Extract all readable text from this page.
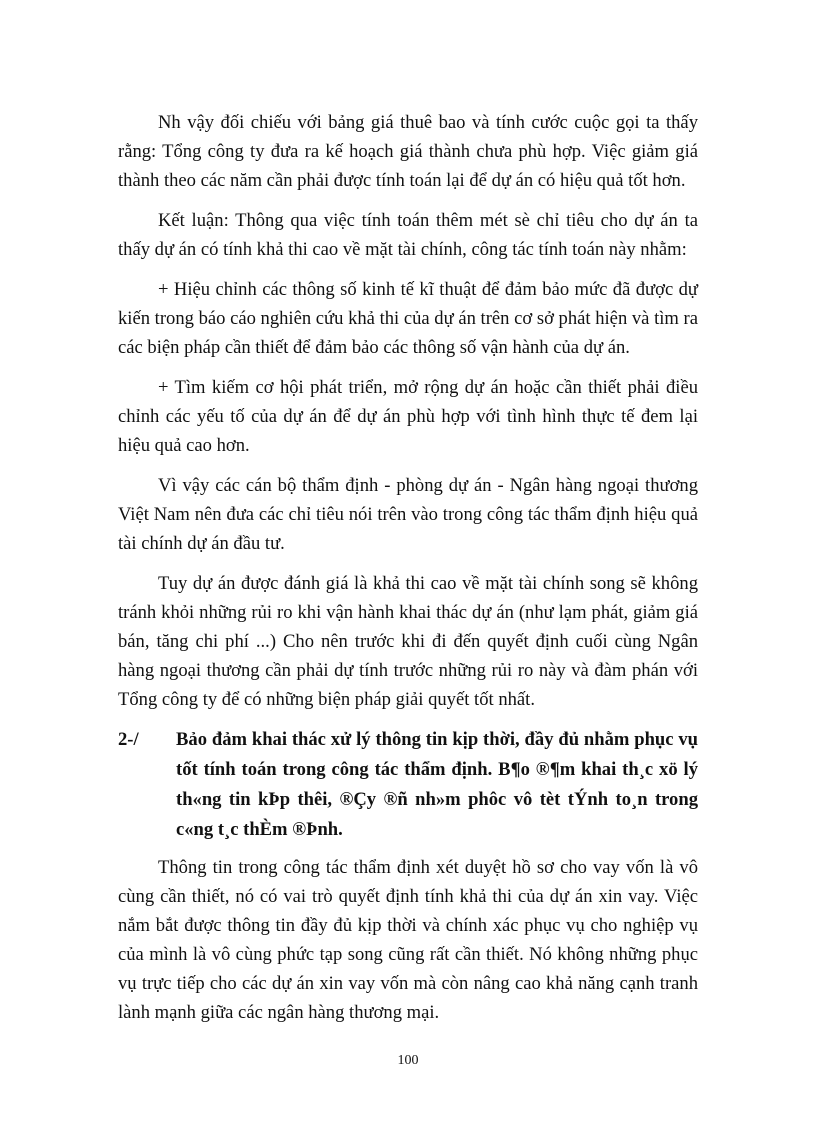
Nh vậy đối chiếu với bảng giá thuê bao và tính cước cuộc gọi ta thấy rằng: Tổng công ty đưa ra kế hoạch giá thành chưa phù hợp. Việc giảm giá thành theo các năm cần phải được tính toán lại để dự án có hiệu quả tốt hơn.

Kết luận: Thông qua việc tính toán thêm mét sè chỉ tiêu cho dự án ta thấy dự án có tính khả thi cao về mặt tài chính, công tác tính toán này nhằm:

+ Hiệu chỉnh các thông số kinh tế kĩ thuật để đảm bảo mức đã được dự kiến trong báo cáo nghiên cứu khả thi của dự án trên cơ sở phát hiện và tìm ra các biện pháp cần thiết để đảm bảo các thông số vận hành của dự án.

+ Tìm kiếm cơ hội phát triển, mở rộng dự án hoặc cần thiết phải điều chỉnh các yếu tố của dự án để dự án phù hợp với tình hình thực tế đem lại hiệu quả cao hơn.

Vì vậy các cán bộ thẩm định - phòng dự án - Ngân hàng ngoại thương Việt Nam nên đưa các chỉ tiêu nói trên vào trong công tác thẩm định hiệu quả tài chính dự án đầu tư.

Tuy dự án được đánh giá là khả thi cao về mặt tài chính song sẽ không tránh khỏi những rủi ro khi vận hành khai thác dự án (như lạm phát, giảm giá bán, tăng chi phí ...) Cho nên trước khi đi đến quyết định cuối cùng Ngân hàng ngoại thương cần phải dự tính trước những rủi ro này và đàm phán với Tổng công ty để có những biện pháp giải quyết tốt nhất.

2-/ Bảo đảm khai thác xử lý thông tin kịp thời, đầy đủ nhằm phục vụ tốt tính toán trong công tác thẩm định. B¶o ®¶m khai th¸c xö lý th«ng tin kÞp thêi, ®Çy ®ñ nh»m phôc vô tèt tÝnh to¸n trong c«ng t¸c thÈm ®Þnh.

Thông tin trong công tác thẩm định xét duyệt hồ sơ cho vay vốn là vô cùng cần thiết, nó có vai trò quyết định tính khả thi của dự án xin vay. Việc nắm bắt được thông tin đầy đủ kịp thời và chính xác phục vụ cho nghiệp vụ của mình là vô cùng phức tạp song cũng rất cần thiết. Nó không những phục vụ trực tiếp cho các dự án xin vay vốn mà còn nâng cao khả năng cạnh tranh lành mạnh giữa các ngân hàng thương mại.

100
